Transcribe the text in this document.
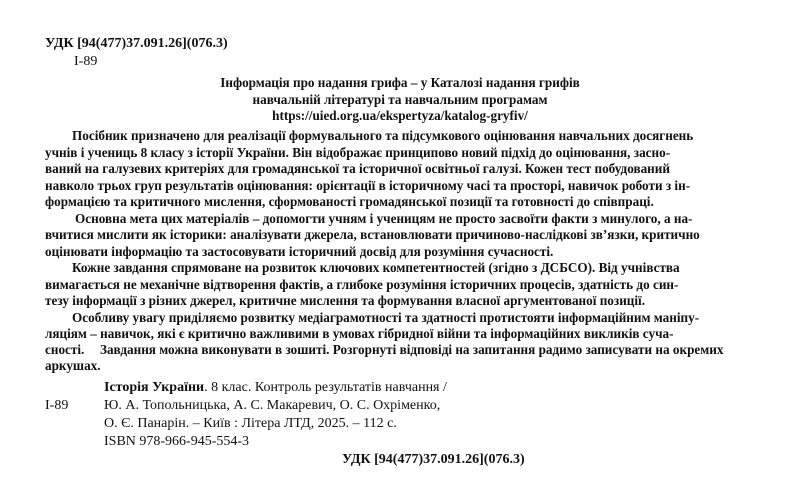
УДК [94(477)37.091.26](076.3)
І-89
Інформація про надання грифа – у Каталозі надання грифів
навчальній літературі та навчальним програмам
https://uied.org.ua/ekspertyza/katalog-gryfiv/
Посібник призначено для реалізації формувального та підсумкового оцінювання навчальних досягнень
учнів і учениць 8 класу з історії України. Він відображає принципово новий підхід до оцінювання, засно-
ваний на галузевих критеріях для громадянської та історичної освітньої галузі. Кожен тест побудований
навколо трьох груп результатів оцінювання: орієнтації в історичному часі та просторі, навичок роботи з ін-
формацією та критичного мислення, сформованості громадянської позиції та готовності до співпраці.
Основна мета цих матеріалів – допомогти учням і ученицям не просто засвоїти факти з минулого, а на-
вчитися мислити як історики: аналізувати джерела, встановлювати причиново-наслідкові зв’язки, критично
оцінювати інформацію та застосовувати історичний досвід для розуміння сучасності.
Кожне завдання спрямоване на розвиток ключових компетентностей (згідно з ДСБСО). Від учнівства
вимагається не механічне відтворення фактів, а глибоке розуміння історичних процесів, здатність до син-
тезу інформації з різних джерел, критичне мислення та формування власної аргументованої позиції.
Особливу увагу приділяємо розвитку медіаграмотності та здатності протистояти інформаційним маніпу-
ляціям – навичок, які є критично важливими в умовах гібридної війни та інформаційних викликів суча-
сності. Завдання можна виконувати в зошиті. Розгорнуті відповіді на запитання радимо записувати на окремих
аркушах.
Історія України. 8 клас. Контроль результатів навчання /
І-89	Ю. А. Топольницька, А. С. Макаревич, О. С. Охріменко,
О. Є. Панарін. – Київ : Літера ЛТД, 2025. – 112 с.
ISBN 978-966-945-554-3
УДК [94(477)37.091.26](076.3)
